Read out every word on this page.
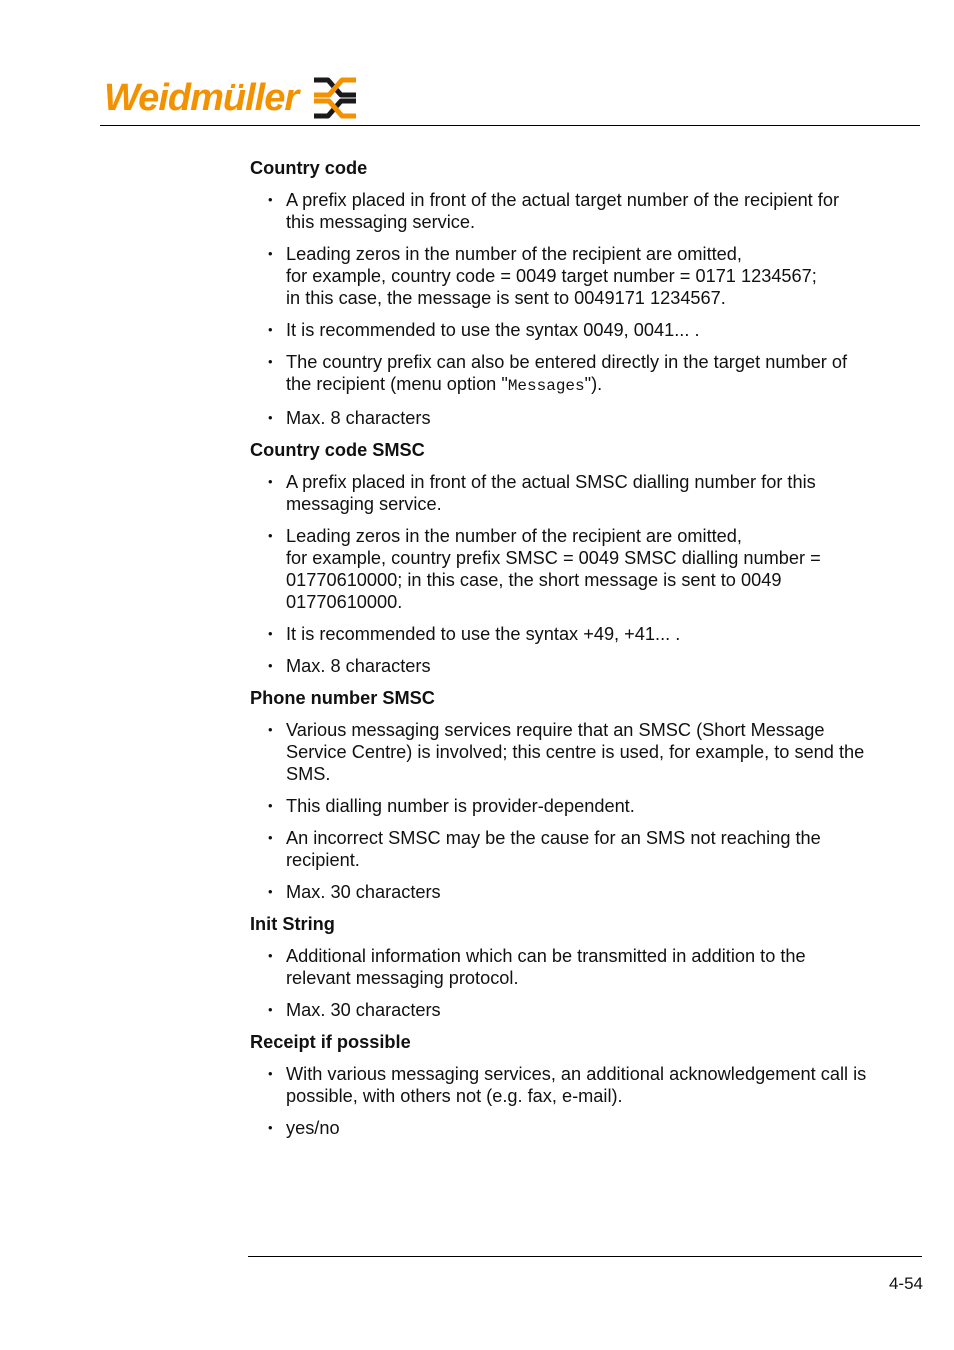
Weidmüller
Country code
• A prefix placed in front of the actual target number of the recipient for this messaging service.
• Leading zeros in the number of the recipient are omitted,
for example, country code = 0049 target number = 0171 1234567;
in this case, the message is sent to 0049171 1234567.
• It is recommended to use the syntax 0049, 0041... .
• The country prefix can also be entered directly in the target number of the recipient (menu option "Messages").
• Max. 8 characters
Country code SMSC
• A prefix placed in front of the actual SMSC dialling number for this messaging service.
• Leading zeros in the number of the recipient are omitted,
for example, country prefix SMSC = 0049 SMSC dialling number = 01770610000; in this case, the short message is sent to 0049 01770610000.
• It is recommended to use the syntax +49, +41... .
• Max. 8 characters
Phone number SMSC
• Various messaging services require that an SMSC (Short Message Service Centre) is involved; this centre is used, for example, to send the SMS.
• This dialling number is provider-dependent.
• An incorrect SMSC may be the cause for an SMS not reaching the recipient.
• Max. 30 characters
Init String
• Additional information which can be transmitted in addition to the relevant messaging protocol.
• Max. 30 characters
Receipt if possible
• With various messaging services, an additional acknowledgement call is possible, with others not (e.g. fax, e-mail).
• yes/no
4-54
